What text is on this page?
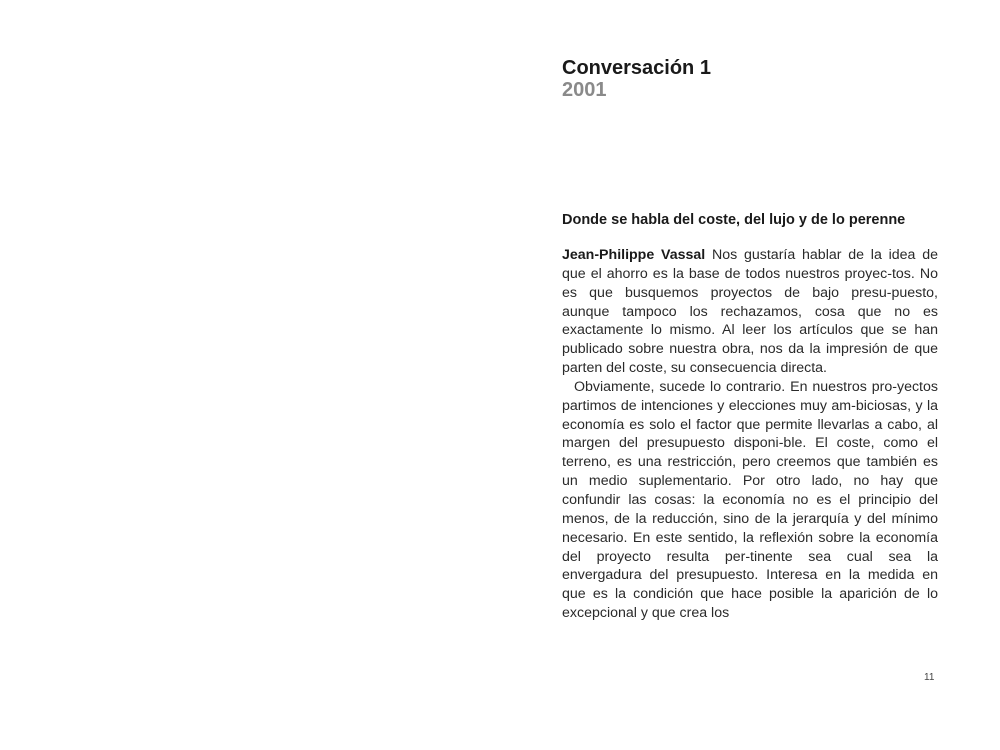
Conversación 1
2001
Donde se habla del coste, del lujo y de lo perenne

Jean-Philippe Vassal Nos gustaría hablar de la idea de que el ahorro es la base de todos nuestros proyec-tos. No es que busquemos proyectos de bajo presu-puesto, aunque tampoco los rechazamos, cosa que no es exactamente lo mismo. Al leer los artículos que se han publicado sobre nuestra obra, nos da la impresión de que parten del coste, su consecuencia directa.

Obviamente, sucede lo contrario. En nuestros pro-yectos partimos de intenciones y elecciones muy am-biciosas, y la economía es solo el factor que permite llevarlas a cabo, al margen del presupuesto disponi-ble. El coste, como el terreno, es una restricción, pero creemos que también es un medio suplementario. Por otro lado, no hay que confundir las cosas: la economía no es el principio del menos, de la reducción, sino de la jerarquía y del mínimo necesario. En este sentido, la reflexión sobre la economía del proyecto resulta per-tinente sea cual sea la envergadura del presupuesto. Interesa en la medida en que es la condición que hace posible la aparición de lo excepcional y que crea los

11
